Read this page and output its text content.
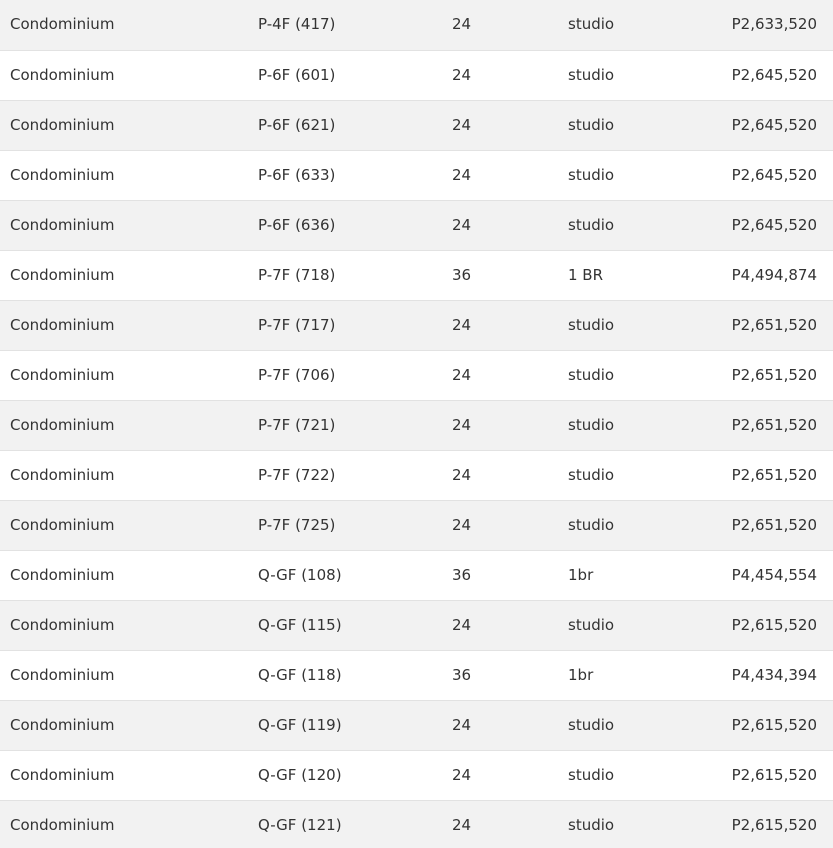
Condominium	P-4F (417)	24	studio	P2,633,520
Condominium	P-6F (601)	24	studio	P2,645,520
Condominium	P-6F (621)	24	studio	P2,645,520
Condominium	P-6F (633)	24	studio	P2,645,520
Condominium	P-6F (636)	24	studio	P2,645,520
Condominium	P-7F (718)	36	1 BR	P4,494,874
Condominium	P-7F (717)	24	studio	P2,651,520
Condominium	P-7F (706)	24	studio	P2,651,520
Condominium	P-7F (721)	24	studio	P2,651,520
Condominium	P-7F (722)	24	studio	P2,651,520
Condominium	P-7F (725)	24	studio	P2,651,520
Condominium	Q-GF (108)	36	1br	P4,454,554
Condominium	Q-GF (115)	24	studio	P2,615,520
Condominium	Q-GF (118)	36	1br	P4,434,394
Condominium	Q-GF (119)	24	studio	P2,615,520
Condominium	Q-GF (120)	24	studio	P2,615,520
Condominium	Q-GF (121)	24	studio	P2,615,520
